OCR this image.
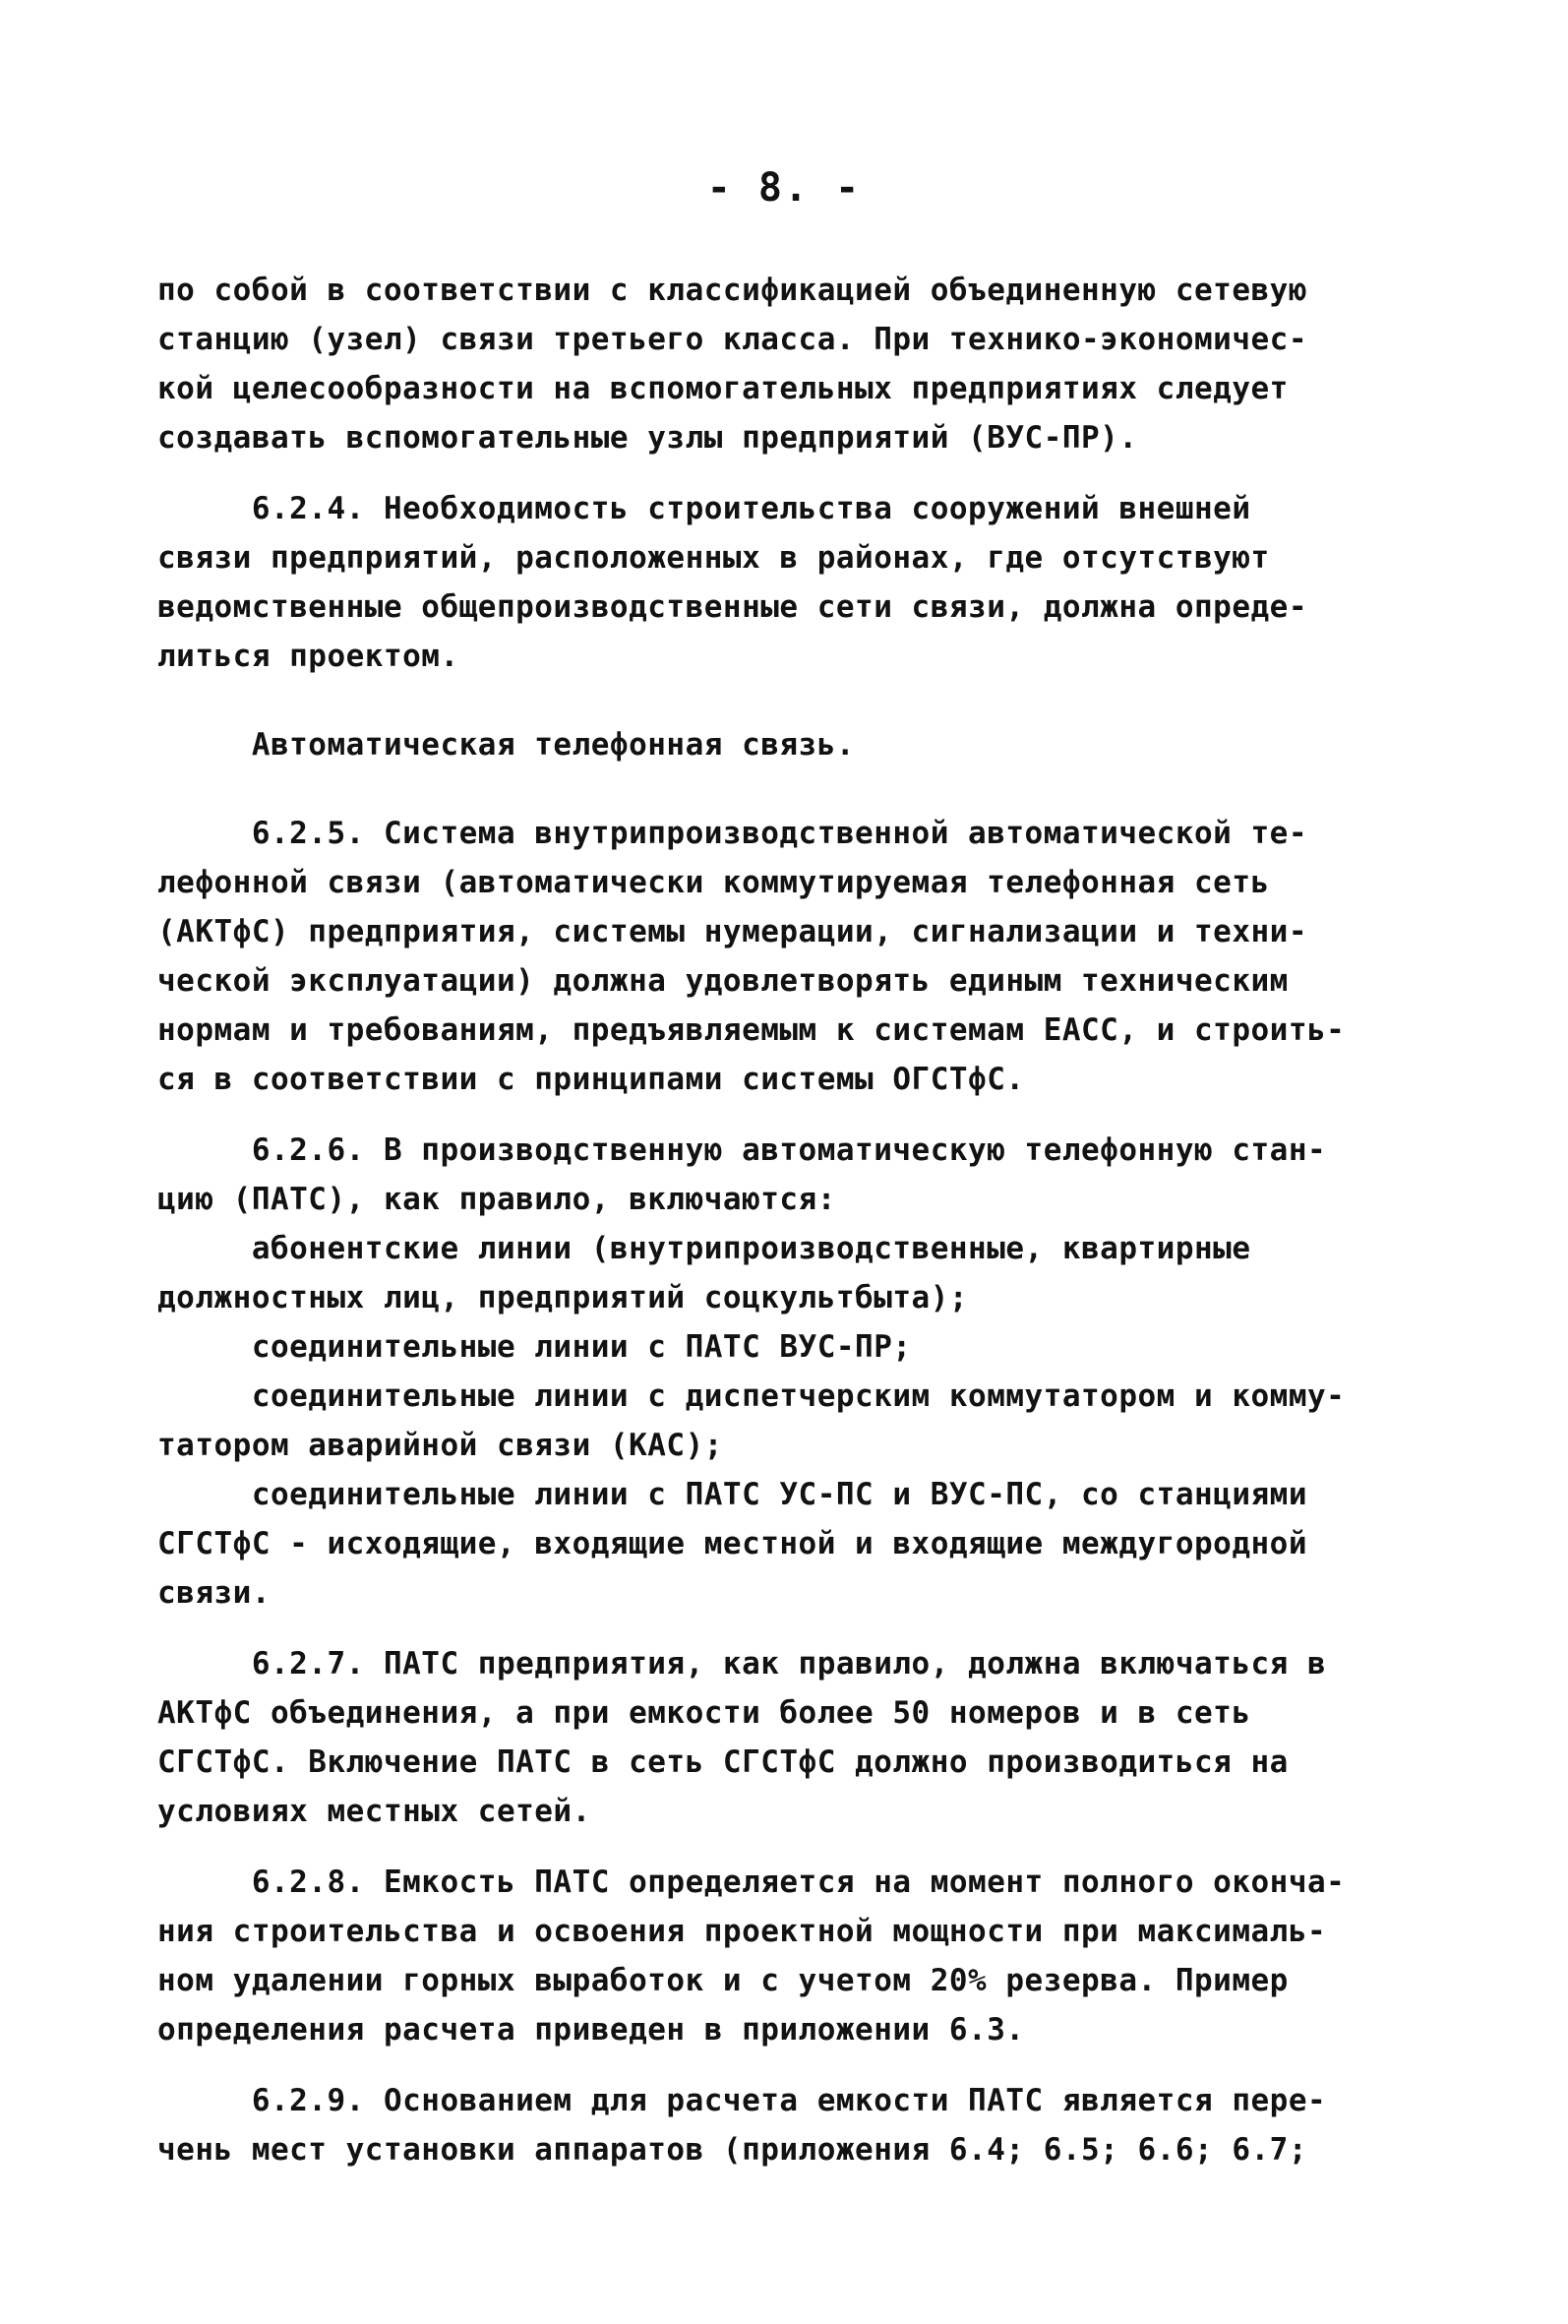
- 8. -
по собой в соответствии с классификацией объединенную сетевую
станцию (узел) связи третьего класса. При технико-экономичес-
кой целесообразности на вспомогательных предприятиях следует
создавать вспомогательные узлы предприятий (ВУС-ПР).
6.2.4. Необходимость строительства сооружений внешней
связи предприятий, расположенных в районах, где отсутствуют
ведомственные общепроизводственные сети связи, должна опреде-
литься проектом.
Автоматическая телефонная связь.
6.2.5. Система внутрипроизводственной автоматической те-
лефонной связи (автоматически коммутируемая телефонная сеть
(АКТфС) предприятия, системы нумерации, сигнализации и техни-
ческой эксплуатации) должна удовлетворять единым техническим
нормам и требованиям, предъявляемым к системам ЕАСС, и строить-
ся в соответствии с принципами системы ОГСТфС.
6.2.6. В производственную автоматическую телефонную стан-
цию (ПАТС), как правило, включаются:
абонентские линии (внутрипроизводственные, квартирные
должностных лиц, предприятий соцкультбыта);
соединительные линии с ПАТС ВУС-ПР;
соединительные линии с диспетчерским коммутатором и комму-
татором аварийной связи (КАС);
соединительные линии с ПАТС УС-ПС и ВУС-ПС, со станциями
СГСТфС - исходящие, входящие местной и входящие междугородной
связи.
6.2.7. ПАТС предприятия, как правило, должна включаться в
АКТфС объединения, а при емкости более 50 номеров и в сеть
СГСТфС. Включение ПАТС в сеть СГСТфС должно производиться на
условиях местных сетей.
6.2.8. Емкость ПАТС определяется на момент полного оконча-
ния строительства и освоения проектной мощности при максималь-
ном удалении горных выработок и с учетом 20% резерва. Пример
определения расчета приведен в приложении 6.3.
6.2.9. Основанием для расчета емкости ПАТС является пере-
чень мест установки аппаратов (приложения 6.4; 6.5; 6.6; 6.7;
